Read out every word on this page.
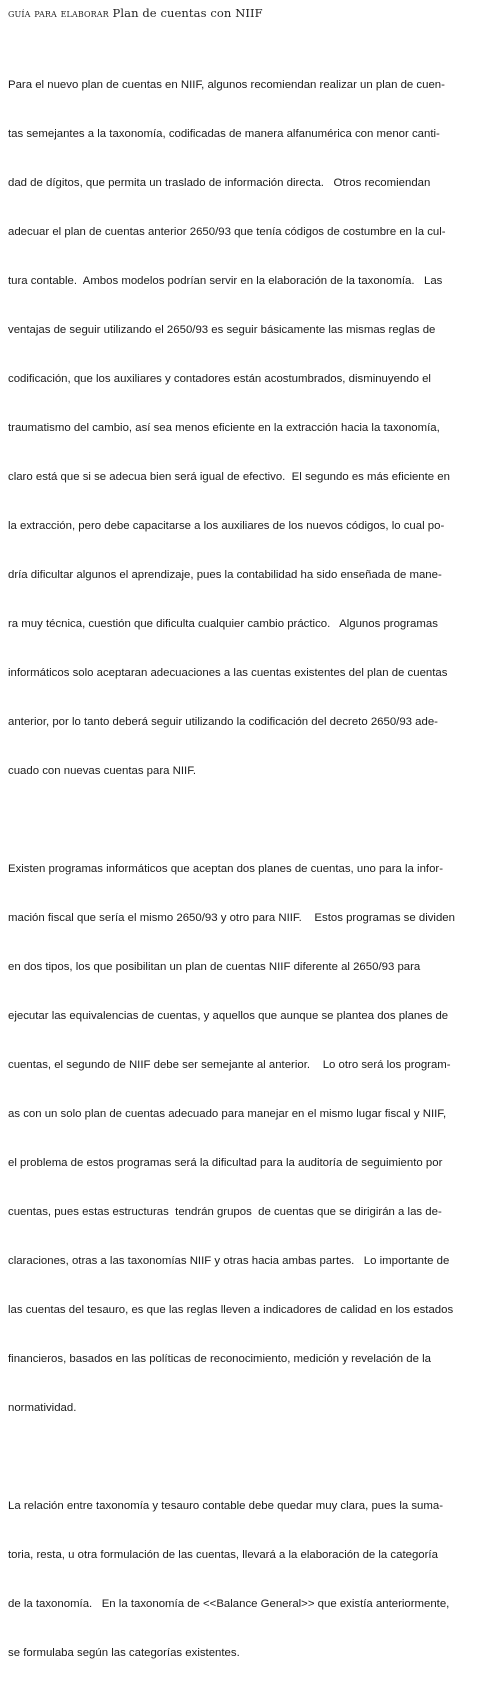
guía para elaborar Plan de cuentas con NIIF

Para el nuevo plan de cuentas en NIIF, algunos recomiendan realizar un plan de cuen-

tas semejantes a la taxonomía, codificadas de manera alfanumérica con menor canti-

dad de dígitos, que permita un traslado de información directa.   Otros recomiendan

adecuar el plan de cuentas anterior 2650/93 que tenía códigos de costumbre en la cul-

tura contable.  Ambos modelos podrían servir en la elaboración de la taxonomía.   Las

ventajas de seguir utilizando el 2650/93 es seguir básicamente las mismas reglas de

codificación, que los auxiliares y contadores están acostumbrados, disminuyendo el

traumatismo del cambio, así sea menos eficiente en la extracción hacia la taxonomía,

claro está que si se adecua bien será igual de efectivo.  El segundo es más eficiente en

la extracción, pero debe capacitarse a los auxiliares de los nuevos códigos, lo cual po-

dría dificultar algunos el aprendizaje, pues la contabilidad ha sido enseñada de mane-

ra muy técnica, cuestión que dificulta cualquier cambio práctico.   Algunos programas

informáticos solo aceptaran adecuaciones a las cuentas existentes del plan de cuentas

anterior, por lo tanto deberá seguir utilizando la codificación del decreto 2650/93 ade-

cuado con nuevas cuentas para NIIF.

Existen programas informáticos que aceptan dos planes de cuentas, uno para la infor-

mación fiscal que sería el mismo 2650/93 y otro para NIIF.    Estos programas se dividen

en dos tipos, los que posibilitan un plan de cuentas NIIF diferente al 2650/93 para

ejecutar las equivalencias de cuentas, y aquellos que aunque se plantea dos planes de

cuentas, el segundo de NIIF debe ser semejante al anterior.    Lo otro será los program-

as con un solo plan de cuentas adecuado para manejar en el mismo lugar fiscal y NIIF,

el problema de estos programas será la dificultad para la auditoría de seguimiento por

cuentas, pues estas estructuras  tendrán grupos  de cuentas que se dirigirán a las de-

claraciones, otras a las taxonomías NIIF y otras hacia ambas partes.   Lo importante de

las cuentas del tesauro, es que las reglas lleven a indicadores de calidad en los estados

financieros, basados en las políticas de reconocimiento, medición y revelación de la

normatividad.

La relación entre taxonomía y tesauro contable debe quedar muy clara, pues la suma-

toria, resta, u otra formulación de las cuentas, llevará a la elaboración de la categoría

de la taxonomía.   En la taxonomía de <<Balance General>> que existía anteriormente,

se formulaba según las categorías existentes.
